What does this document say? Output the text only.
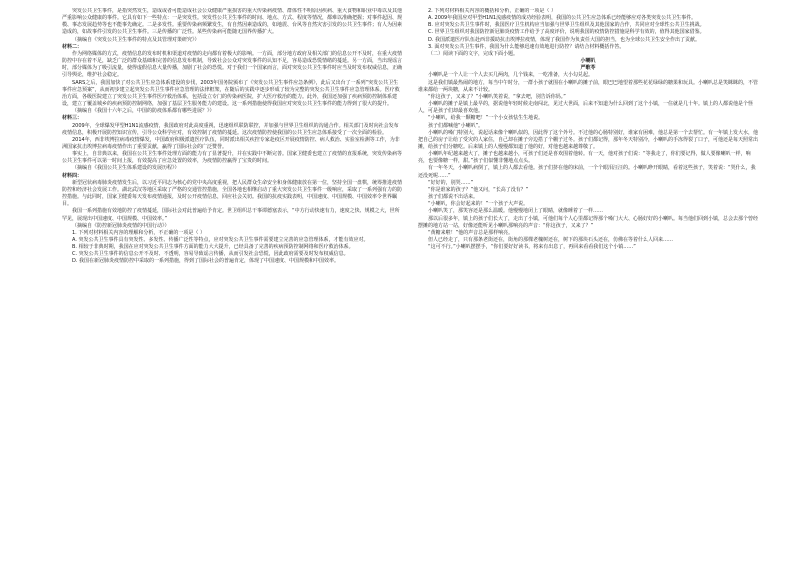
突发公共卫生事件，是指突然发生，造成或者可能造成社会公众健康严重损害的重大传染病疫情、群体性不明原因疾病、重大食物和职业中毒以及其他严重影响公众健康的事件。它具有如下一些特点：一是突发性。突发性公共卫生事件的时间、地点、方式、程度等情况，都难以准确把握；对事件起因、规模、事态发展趋势等也不能事先确定。二是多发性。重要传染病频繁发生，有自然因素造成的，如地震、台风等自然灾害引发的公共卫生事件；有人为因素造成的，如故事件引发的公共卫生事件。三是传播的广泛性。某些传染病可能随无国界传播扩大。

（摘编自《突发公共卫生事件的特点及其管理对策研究》）

材料二：

作为网络媒体的方式，疫情信息的发布时机和渠道对疫情的走向都有着极大的影响。一方面，部分地方政府及相关部门的信息公开不及时，在重大疫情防控中存在着不足，缺乏广泛的群众基础和完善的信息发布机制，导致社会公众对突发事件的认知不足，容易造成恐慌情绪的蔓延。另一方面，当出现谣言时，部分媒体为了吸引流量，使得虚假信息大量传播，加剧了社会的恐慌。对于我们一个国家而言，面对突发公共卫生事件时应当及时发布权威信息，正确引导舆论，维护社会稳定。

SARS之后，我国加快了对公共卫生应急体系建设的步伐，2003年国务院颁布了《突发公共卫生事件应急条例》，此后又出台了一系列“突发公共卫生事件应急预案”，从而初步建立起突发公共卫生事件应急管理的法律框架，在随后的实践中逐步形成了较为完整的突发公共卫生事件应急管理体系。医疗救治方面，各级医院建立了突发公共卫生事件医疗救治体系，包括设立专门的传染病医院，扩大医疗救治的能力。此外，我国还加强了疾病预防控制体系建设，建立了覆盖城乡的疾病预防控制网络，加强了基层卫生服务能力的建设。这一系列措施使得我国应对突发公共卫生事件的能力得到了很大的提升。

（摘编自《我国十六年之后，中国的防疫体系都有哪些进展？》）

材料三：

2009年，全球爆发甲型H1N1流感疫情，我国政府对此高度重视，迅速组织联防联控，并加强与世界卫生组织的沟通合作。相关部门及时向社会发布疫情信息，积极开展防控知识宣传，引导公众科学应对，有效控制了疫情的蔓延。这次疫情防控使我国的公共卫生应急体系接受了一次全面的检验。

2014年，西非埃博拉病毒疫情爆发，中国政府积极派遣医疗队伍，同时派出相关疾控专家赴疫区开展疫情防控、病人救治、实验室检测等工作，为非洲国家抗击埃博拉病毒疫情作出了重要贡献，赢得了国际社会的广泛赞誉。

事实上，自非典以来，我国在公共卫生事件处理方面的能力有了显著提升，并在实践中不断完善。国家卫健委也建立了疫情的直报系统，突发传染病等公共卫生事件可以第一时间上报，有效提高了应急处置的效率，为疫情防控赢得了宝贵的时间。

（摘编自《我国公共卫生体系建设的发展历程》）

材料四：

新型冠状病毒肺炎疫情发生后，以习近平同志为核心的党中央高度重视，把人民群众生命安全和身体健康放在第一位，坚持全国一盘棋，统筹推进疫情防控和经济社会发展工作。湖北武汉等地区采取了严格的交通管控措施，全国各地也相继启动了重大突发公共卫生事件一级响应，采取了一系列强有力的防控措施。与此同时，国家卫健委每天发布疫情通报，及时公开疫情信息，回应社会关切。我国的抗疫实践表明，中国速度、中国规模、中国效率令世界瞩目。

我国一系列措施有效地防控了疫情蔓延，国际社会对此普遍给予肯定。世卫组织总干事谭德塞表示，“中方行动快速有力，速度之快、规模之大，世所罕见，展现出中国速度、中国规模、中国效率。”

（摘编自《防控新冠肺炎疫情的中国行动》）

1. 下列对材料相关内容的理解和分析，不正确的一项是（ ）

A. 突发公共卫生事件具有突发性、多发性、传播广泛性等特点，应对突发公共卫生事件需要建立完善的应急管理体系，才能有效应对。

B. 相较于非典时期，我国在应对突发公共卫生事件方面的能力大大提升，已经具备了完善的疾病预防控制网络和医疗救治体系。

C. 突发公共卫生事件的信息公开不及时、不透明，容易导致谣言传播，从而引发社会恐慌，因此政府需要及时发布权威信息。

D. 我国在新冠肺炎疫情防控中采取的一系列措施，得到了国际社会的普遍肯定，体现了中国速度、中国规模和中国效率。

2. 下列对材料相关内容的概括和分析，正确的一项是（ ）

A. 2009年我国应对甲型H1N1流感疫情的成功经验表明，我国的公共卫生应急体系已经能够应对各类突发公共卫生事件。

B. 应对突发公共卫生事件时，我国医疗卫生机构应当加强与世界卫生组织及其他国家的合作，共同应对全球性公共卫生挑战。

C. 世界卫生组织对我国防控新冠肺炎疫情工作给予了高度评价，说明我国的疫情防控措施是科学有效的，值得其他国家借鉴。

D. 我国派遣医疗队伍赴西非援助抗击埃博拉疫情，体现了我国作为负责任大国的担当，也为全球公共卫生安全作出了贡献。

3. 面对突发公共卫生事件，我国为什么能够迅速有效地进行防控？请结合材料概括作答。

（二）阅读下面的文字，完成下面小题。

小喇叭

严歌苓

小喇叭是一个人让一个人去买几两肉，几个钱来，一吃准备，大小勾兑起。

这是我们镇最热闹的地方，每当中午时分，一群小孩子就围在小喇叭的摊子前，眼巴巴地望着那些花花绿绿的糖果和玩具。小喇叭总是笑眯眯的，不管谁来都给一两块糖，从来不计较。

“你这孩子，又来了？”小喇叭笑着说，“拿去吧，别告诉你妈。”

小喇叭的摊子是镇上最早的，据说他年轻时候走南闯北，见过大世面，后来不知道为什么回到了这个小镇，一住就是几十年。镇上的人都说他是个怪人，可是孩子们却最喜欢他。

“小喇叭，给我一颗糖吧！”一个小女孩怯生生地说。

孩子们都喊他“小喇叭”。

小喇叭的嗓门特别大，说起话来像个喇叭似的，因此得了这个外号。不过他的心肠特别好，谁家有困难，他总是第一个去帮忙。有一年镇上发大水，他把自己的房子让给了受灾的人家住，自己却在摊子旁边搭了个棚子过冬。孩子们都记得，那年冬天特别冷，小喇叭的手冻得裂了口子，可他还是每天照常出摊，给孩子们分糖吃。后来镇上的人慢慢都知道了他的好，对他也越来越尊敬了。

小喇叭年纪越来越大了，摊子也越来越小，可孩子们还是喜欢围着他转。有一天，他对孩子们说：“等我走了，你们要记得，做人要像喇叭一样，响亮，也要像糖一样，甜。”孩子们似懂非懂地点点头。

有一年冬天，小喇叭病倒了，镇上的人都去看他。孩子们挤在他的床前，一个个眼泪汪汪的。小喇叭睁开眼睛，看着这些孩子，笑着说：“哭什么，我还没死呢……”

“好好的，别哭……”

“你是谁家的孩子？”他又问，“长高了没有？”

孩子们都说不出话来。

“小喇叭，你会好起来的！”一个孩子大声说。

小喇叭笑了，那笑容还是那么温暖。他慢慢地闭上了眼睛，就像睡着了一样……

那以后很多年，镇上的孩子们长大了，走出了小镇，可他们每个人心里都记得那个嗓门大大、心肠好好的小喇叭。每当他们回到小镇，总会去那个曾经摆摊的地方站一站，好像还能听见小喇叭那响亮的声音：“你这孩子，又来了？”

“黄糖来啦！”他的声音总是那样响亮。

但人已经走了，只有那条老街还在，街角的那棵老槐树还在，树下的那块石头还在，仿佛在等着什么人回来……

“这可不行。”小喇叭摆摆手，“你们要好好读书，将来有出息了，再回来看看我们这个小镇……”
